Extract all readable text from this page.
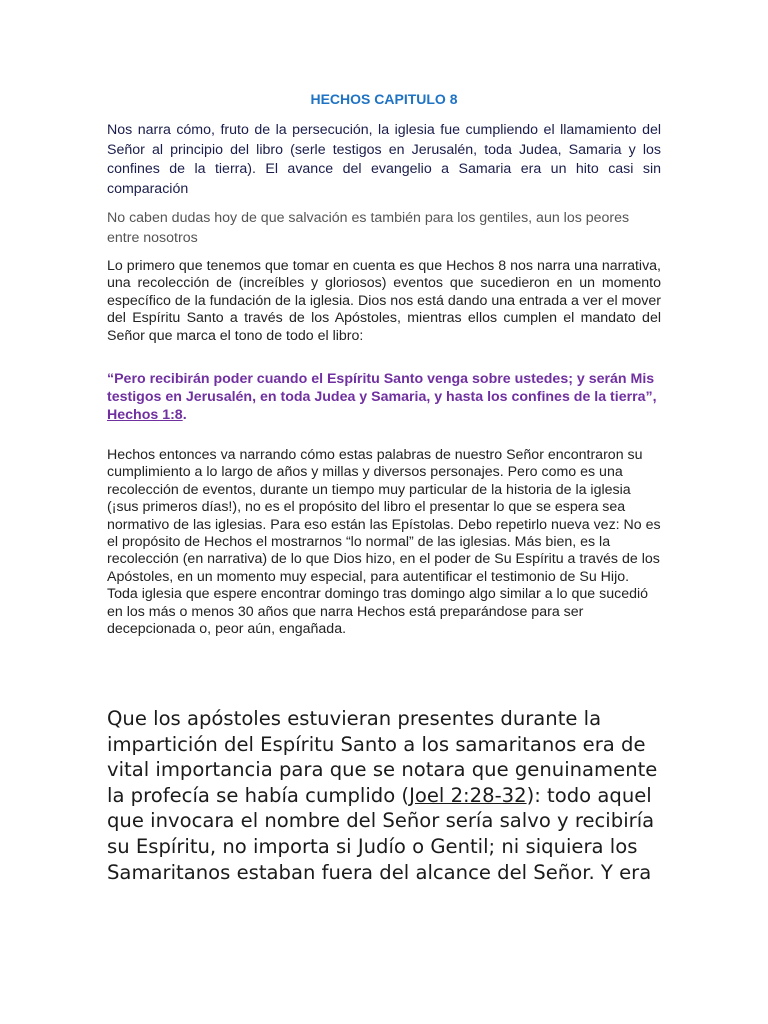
HECHOS CAPITULO 8
Nos narra cómo, fruto de la persecución, la iglesia fue cumpliendo el llamamiento del Señor al principio del libro (serle testigos en Jerusalén, toda Judea, Samaria y los confines de la tierra). El avance del evangelio a Samaria era un hito casi sin comparación
No caben dudas hoy de que salvación es también para los gentiles, aun los peores entre nosotros
Lo primero que tenemos que tomar en cuenta es que Hechos 8 nos narra una narrativa, una recolección de (increíbles y gloriosos) eventos que sucedieron en un momento específico de la fundación de la iglesia. Dios nos está dando una entrada a ver el mover del Espíritu Santo a través de los Apóstoles, mientras ellos cumplen el mandato del Señor que marca el tono de todo el libro:
“Pero recibirán poder cuando el Espíritu Santo venga sobre ustedes; y serán Mis testigos en Jerusalén, en toda Judea y Samaria, y hasta los confines de la tierra”, Hechos 1:8.
Hechos entonces va narrando cómo estas palabras de nuestro Señor encontraron su cumplimiento a lo largo de años y millas y diversos personajes. Pero como es una recolección de eventos, durante un tiempo muy particular de la historia de la iglesia (¡sus primeros días!), no es el propósito del libro el presentar lo que se espera sea normativo de las iglesias. Para eso están las Epístolas. Debo repetirlo nueva vez: No es el propósito de Hechos el mostrarnos “lo normal” de las iglesias. Más bien, es la recolección (en narrativa) de lo que Dios hizo, en el poder de Su Espíritu a través de los Apóstoles, en un momento muy especial, para autentificar el testimonio de Su Hijo. Toda iglesia que espere encontrar domingo tras domingo algo similar a lo que sucedió en los más o menos 30 años que narra Hechos está preparándose para ser decepcionada o, peor aún, engañada.
Que los apóstoles estuvieran presentes durante la impartición del Espíritu Santo a los samaritanos era de vital importancia para que se notara que genuinamente la profecía se había cumplido (Joel 2:28-32): todo aquel que invocara el nombre del Señor sería salvo y recibiría su Espíritu, no importa si Judío o Gentil; ni siquiera los Samaritanos estaban fuera del alcance del Señor. Y era
